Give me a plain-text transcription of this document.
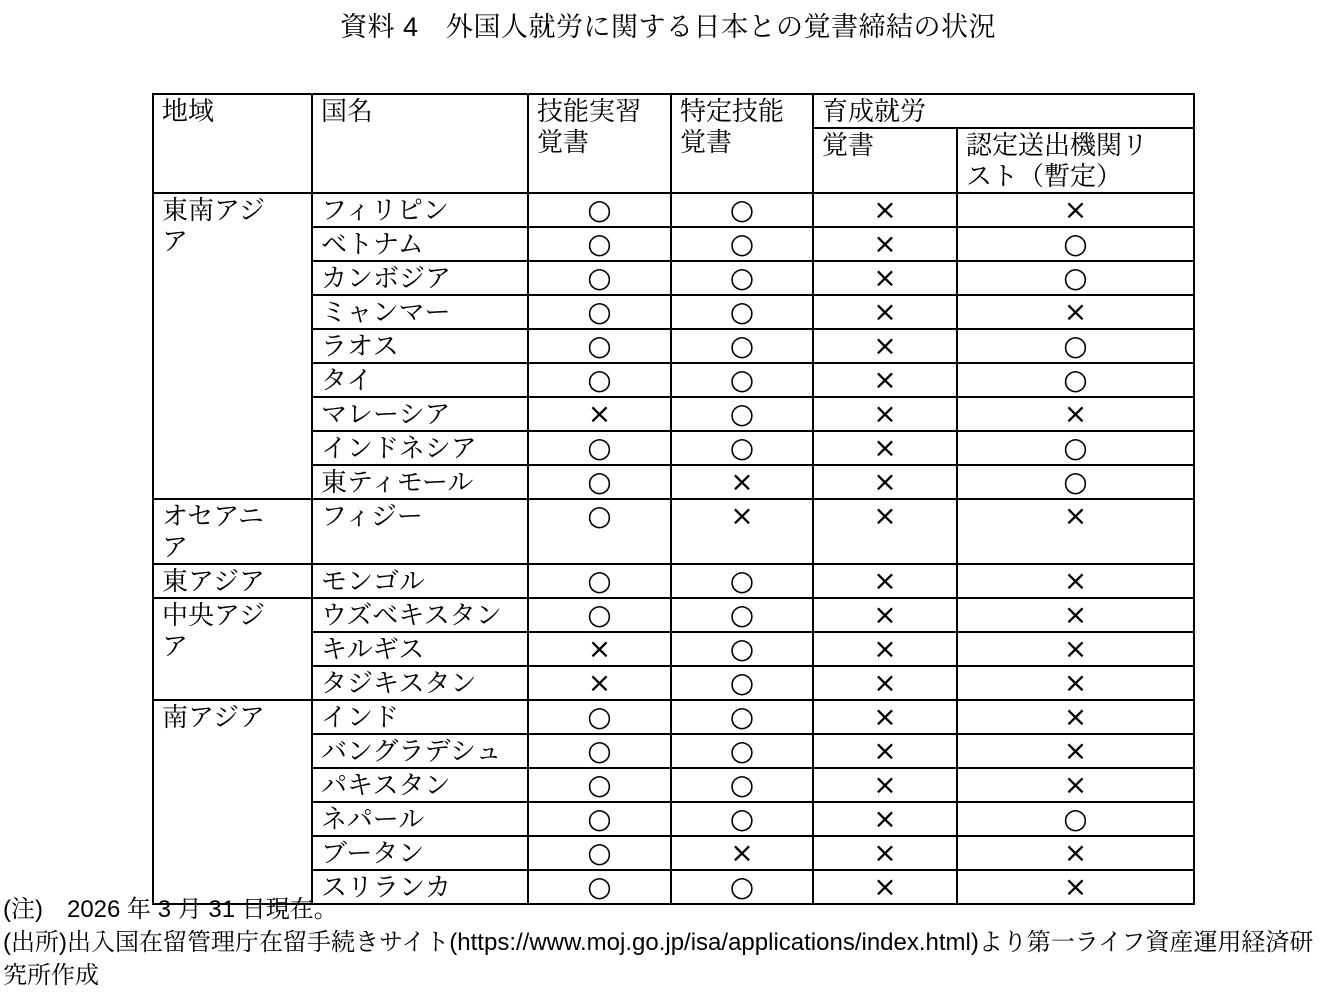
資料 4　外国人就労に関する日本との覚書締結の状況
地域	国名	技能実習覚書	特定技能覚書	育成就労	
				覚書	認定送出機関リスト（暫定）
東南アジア	フィリピン	○	○	×	×
	ベトナム	○	○	×	○
	カンボジア	○	○	×	○
	ミャンマー	○	○	×	×
	ラオス	○	○	×	○
	タイ	○	○	×	○
	マレーシア	×	○	×	×
	インドネシア	○	○	×	○
	東ティモール	○	×	×	○
オセアニア	フィジー	○	×	×	×
東アジア	モンゴル	○	○	×	×
中央アジア	ウズベキスタン	○	○	×	×
	キルギス	×	○	×	×
	タジキスタン	×	○	×	×
南アジア	インド	○	○	×	×
	バングラデシュ	○	○	×	×
	パキスタン	○	○	×	×
	ネパール	○	○	×	○
	ブータン	○	×	×	×
	スリランカ	○	○	×	×
(注)　2026 年 3 月 31 日現在。
(出所)出入国在留管理庁在留手続きサイト(https://www.moj.go.jp/isa/applications/index.html)より第一ライフ資産運用経済研究所作成
